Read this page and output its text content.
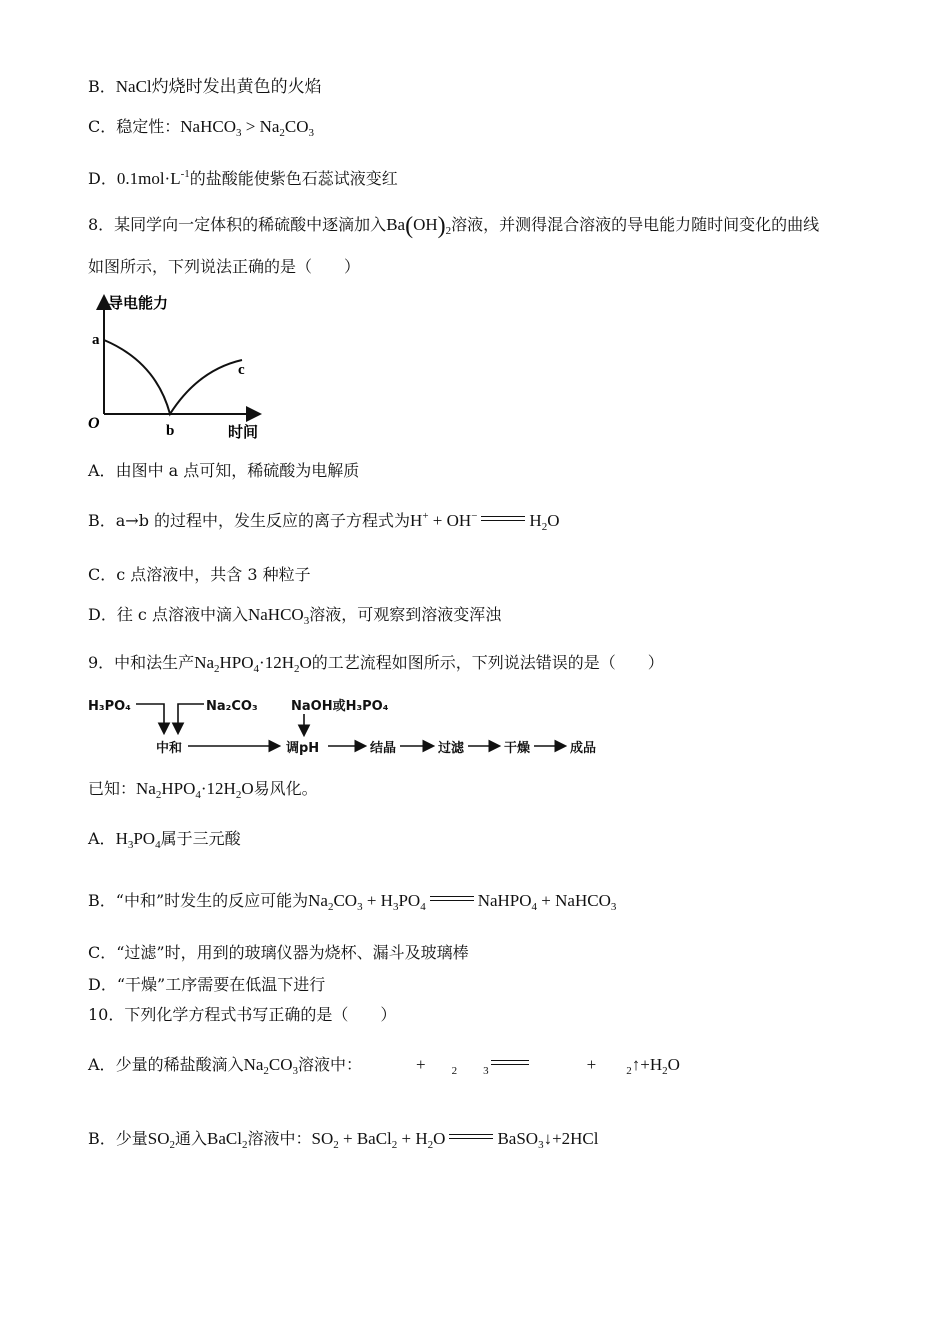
B．NaCl灼烧时发出黄色的火焰
C．稳定性：NaHCO$_3$ > $Na_2CO_3$
D．$0.1mol\cdot L^{-1}$的盐酸能使紫色石蕊试液变红
8．某同学向一定体积的稀硫酸中逐滴加入$Ba(OH)_2$溶液，并测得混合溶液的导电能力随时间变化的曲线
如图所示，下列说法正确的是（　　）
导电能力
时间
O
a
b
c
A．由图中 a 点可知，稀硫酸为电解质
B．a→b 的过程中，发生反应的离子方程式为H+ + OH−	$H_2O$
C．c 点溶液中，共含 3 种粒子
D．往 c 点溶液中滴入NaHCO$_3$溶液，可观察到溶液变浑浊
9．中和法生产$Na_2HPO_4\cdot 12H_2O$的工艺流程如图所示，下列说法错误的是（　　）
H₃PO₄	Na₂CO₃	NaOH或H₃PO₄
中和	调pH	结晶	过滤	干燥	成品
已知：$Na_2HPO_4\cdot 12H_2O$易风化。
A．$H_3PO_4$属于三元酸
B．“中和”时发生的反应可能为$Na_2CO_3 + H_3PO_4$	NaHPO$_4$ + NaHCO$_3$
C．“过滤”时，用到的玻璃仪器为烧杯、漏斗及玻璃棒
D．“干燥”工序需要在低温下进行
10．下列化学方程式书写正确的是（　　）
A．少量的稀盐酸滴入$Na_2CO_3$溶液中：	+ $_2$ $_3$	+	$_2↑+H_2O$
B．少量$SO_2$通入BaCl$_2$溶液中：$SO_2$ + BaCl$_2$ + $H_2O$	BaSO$_3$↓+2HCl
